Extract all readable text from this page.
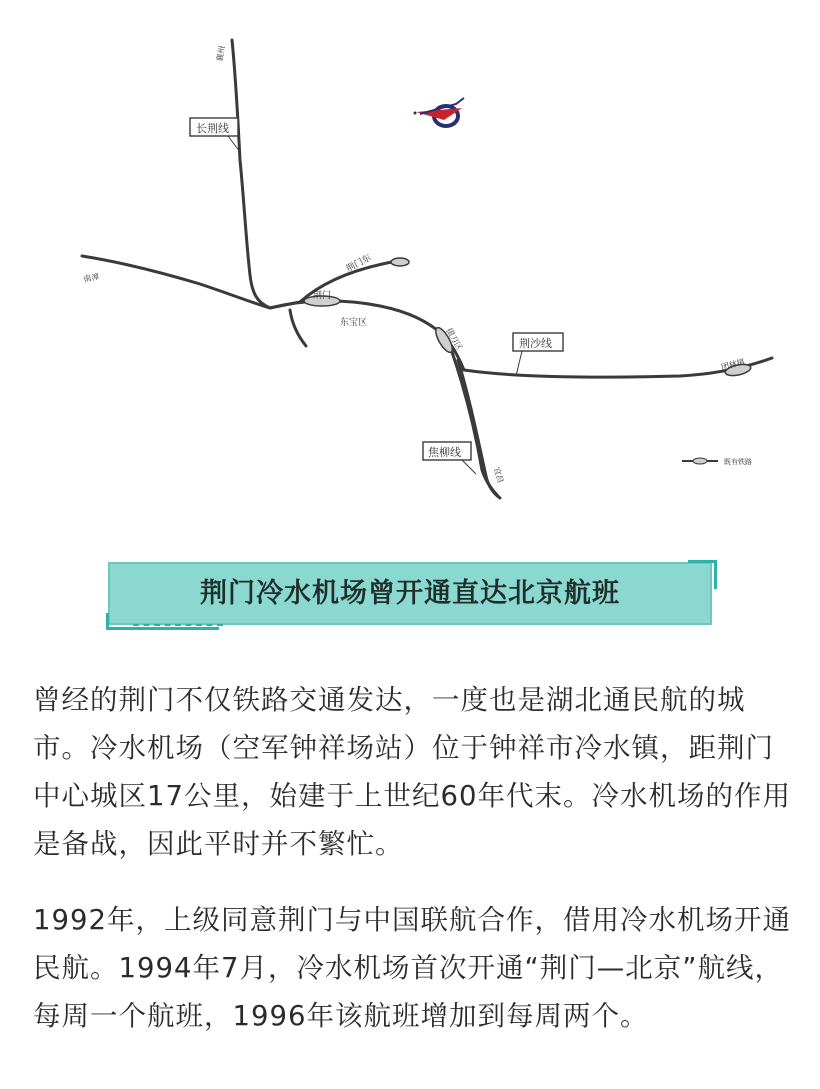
襄州
长荆线
荆门东
南漳
荆门
东宝区
掇刀区	荆沙线
团林镇
焦柳线
宜昌
既有铁路
荆门冷水机场曾开通直达北京航班

曾经的荆门不仅铁路交通发达，一度也是湖北通民航的城市。冷水机场（空军钟祥场站）位于钟祥市冷水镇，距荆门中心城区17公里，始建于上世纪60年代末。冷水机场的作用是备战，因此平时并不繁忙。

1992年，上级同意荆门与中国联航合作，借用冷水机场开通民航。1994年7月，冷水机场首次开通“荆门—北京”航线，每周一个航班，1996年该航班增加到每周两个。
